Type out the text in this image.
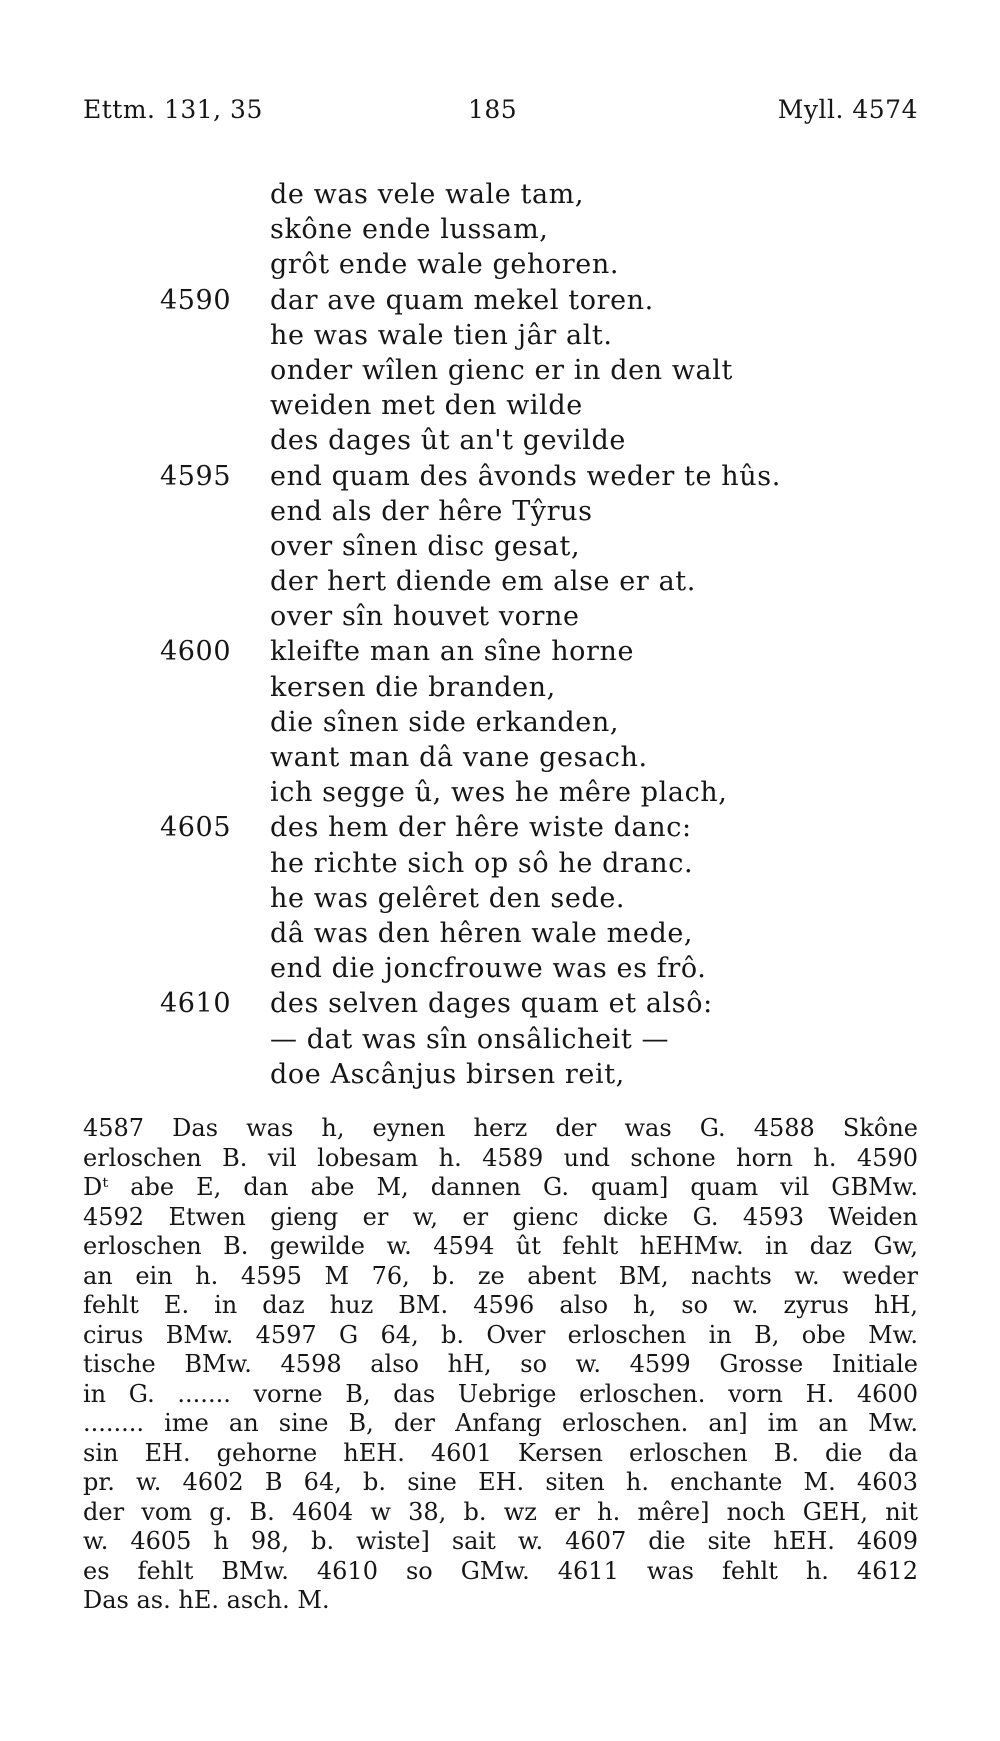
Ettm. 131, 35	185	Myll. 4574
de was vele wale tam,
skône ende lussam,
grôt ende wale gehoren.
4590 dar ave quam mekel toren.
he was wale tien jâr alt.
onder wîlen gienc er in den walt
weiden met den wilde
des dages ût an't gevilde
4595 end quam des âvonds weder te hûs.
end als der hêre Tŷrus
over sînen disc gesat,
der hert diende em alse er at.
over sîn houvet vorne
4600 kleifte man an sîne horne
kersen die branden,
die sînen side erkanden,
want man dâ vane gesach.
ich segge û, wes he mêre plach,
4605 des hem der hêre wiste danc:
he richte sich op sô he dranc.
he was gelêret den sede.
dâ was den hêren wale mede,
end die joncfrouwe was es frô.
4610 des selven dages quam et alsô:
— dat was sîn onsâlicheit —
doe Ascânjus birsen reit,
4587 Das was h, eynen herz der was G. 4588 Skône
erloschen B. vil lobesam h. 4589 und schone horn h. 4590
Dᵗ abe E, dan abe M, dannen G. quam] quam vil GBMw.
4592 Etwen gieng er w, er gienc dicke G. 4593 Weiden
erloschen B. gewilde w. 4594 ût fehlt hEHMw. in daz Gw,
an ein h. 4595 M 76, b. ze abent BM, nachts w. weder
fehlt E. in daz huz BM. 4596 also h, so w. zyrus hH,
cirus BMw. 4597 G 64, b. Over erloschen in B, obe Mw.
tische BMw. 4598 also hH, so w. 4599 Grosse Initiale
in G. ....... vorne B, das Uebrige erloschen. vorn H. 4600
........ ime an sine B, der Anfang erloschen. an] im an Mw.
sin EH. gehorne hEH. 4601 Kersen erloschen B. die da
pr. w. 4602 B 64, b. sine EH. siten h. enchante M. 4603
der vom g. B. 4604 w 38, b. wz er h. mêre] noch GEH, nit
w. 4605 h 98, b. wiste] sait w. 4607 die site hEH. 4609
es fehlt BMw. 4610 so GMw. 4611 was fehlt h. 4612
Das as. hE. asch. M.
